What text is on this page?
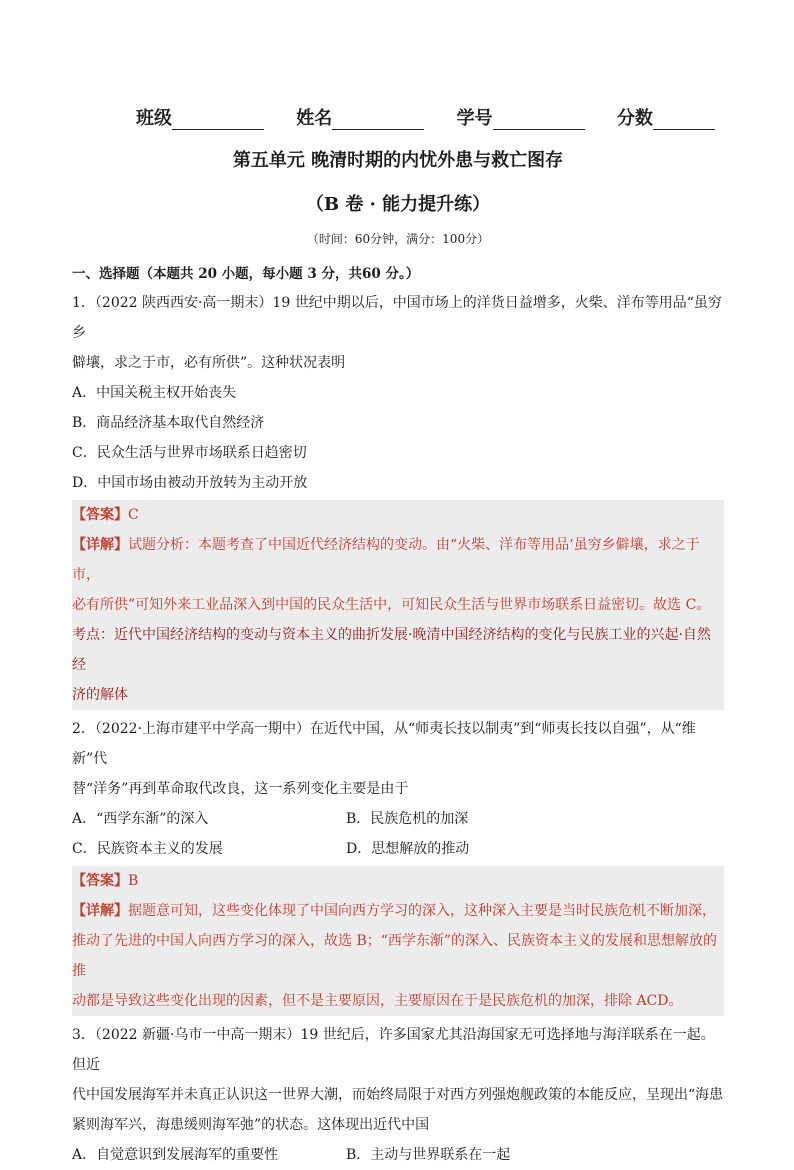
班级	姓名	学号	分数
第五单元 晚清时期的内忧外患与救亡图存
（B 卷 · 能力提升练）
（时间：60分钟，满分：100分）
一、选择题（本题共 20 小题，每小题 3 分，共60 分。）

1．（2022 陕西西安·高一期末）19 世纪中期以后，中国市场上的洋货日益增多，火柴、洋布等用品“虽穷乡

僻壤，求之于市，必有所供”。这种状况表明

A．中国关税主权开始丧失

B．商品经济基本取代自然经济

C．民众生活与世界市场联系日趋密切

D．中国市场由被动开放转为主动开放

【答案】C

【详解】试题分析：本题考查了中国近代经济结构的变动。由“火柴、洋布等用品‘虽穷乡僻壤，求之于市，

必有所供”可知外来工业品深入到中国的民众生活中，可知民众生活与世界市场联系日益密切。故选 C。

考点：近代中国经济结构的变动与资本主义的曲折发展·晚清中国经济结构的变化与民族工业的兴起·自然经

济的解体

2．（2022·上海市建平中学高一期中）在近代中国，从“师夷长技以制夷”到“师夷长技以自强”，从“维新”代

替“洋务”再到革命取代改良，这一系列变化主要是由于

A．“西学东渐”的深入	B．民族危机的加深

C．民族资本主义的发展	D．思想解放的推动

【答案】B

【详解】据题意可知，这些变化体现了中国向西方学习的深入，这种深入主要是当时民族危机不断加深，

推动了先进的中国人向西方学习的深入，故选 B；“西学东渐”的深入、民族资本主义的发展和思想解放的推

动都是导致这些变化出现的因素，但不是主要原因，主要原因在于是民族危机的加深，排除 ACD。

3．（2022 新疆·乌市一中高一期末）19 世纪后，许多国家尤其沿海国家无可选择地与海洋联系在一起。但近

代中国发展海军并未真正认识这一世界大潮，而始终局限于对西方列强炮舰政策的本能反应，呈现出“海患

紧则海军兴，海患缓则海军弛”的状态。这体现出近代中国

A．自觉意识到发展海军的重要性	B．主动与世界联系在一起
